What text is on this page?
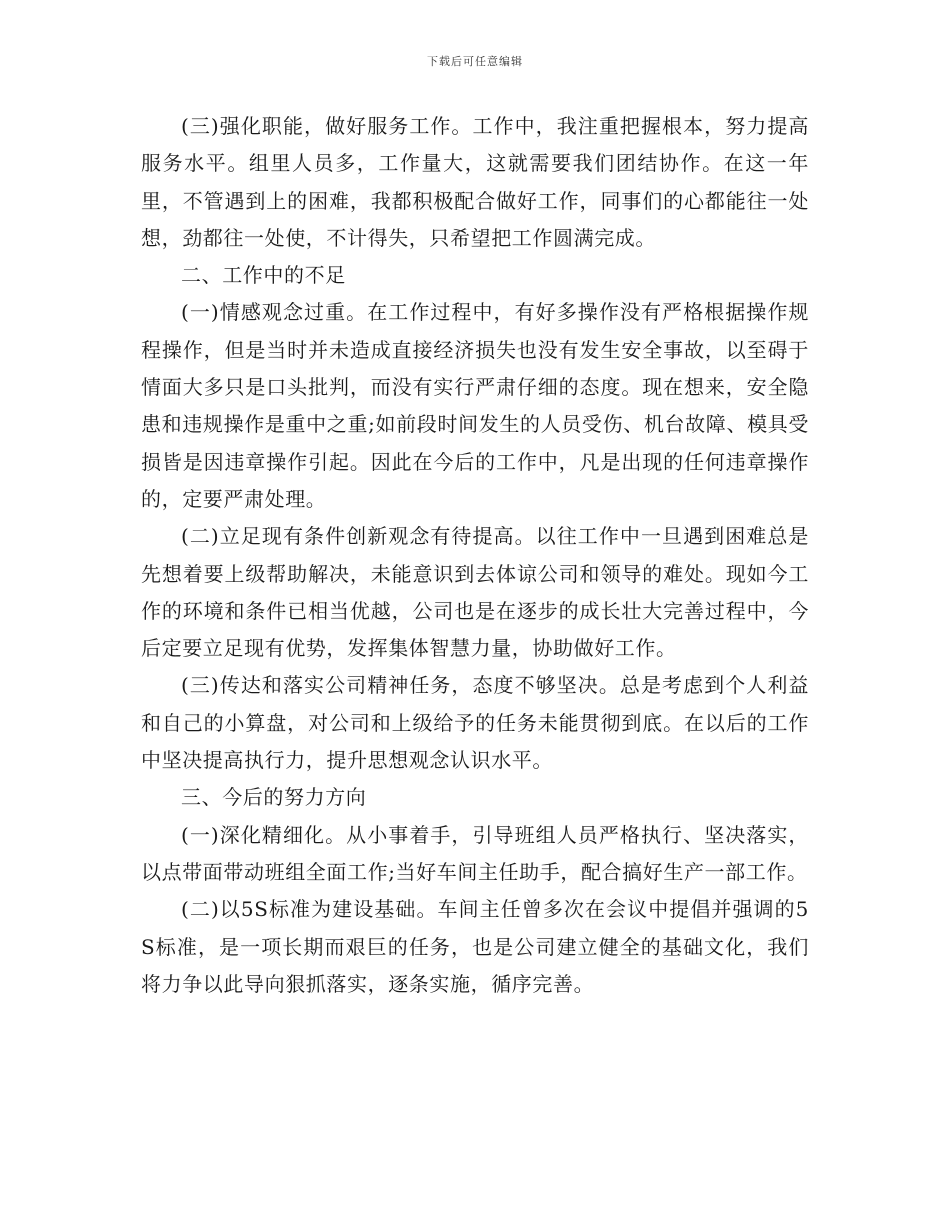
下载后可任意编辑

(三)强化职能，做好服务工作。工作中，我注重把握根本，努力提高服务水平。组里人员多，工作量大，这就需要我们团结协作。在这一年里，不管遇到上的困难，我都积极配合做好工作，同事们的心都能往一处想，劲都往一处使，不计得失，只希望把工作圆满完成。

二、工作中的不足

(一)情感观念过重。在工作过程中，有好多操作没有严格根据操作规程操作，但是当时并未造成直接经济损失也没有发生安全事故，以至碍于情面大多只是口头批判，而没有实行严肃仔细的态度。现在想来，安全隐患和违规操作是重中之重;如前段时间发生的人员受伤、机台故障、模具受损皆是因违章操作引起。因此在今后的工作中，凡是出现的任何违章操作的，定要严肃处理。

(二)立足现有条件创新观念有待提高。以往工作中一旦遇到困难总是先想着要上级帮助解决，未能意识到去体谅公司和领导的难处。现如今工作的环境和条件已相当优越，公司也是在逐步的成长壮大完善过程中，今后定要立足现有优势，发挥集体智慧力量，协助做好工作。

(三)传达和落实公司精神任务，态度不够坚决。总是考虑到个人利益和自己的小算盘，对公司和上级给予的任务未能贯彻到底。在以后的工作中坚决提高执行力，提升思想观念认识水平。

三、今后的努力方向

(一)深化精细化。从小事着手，引导班组人员严格执行、坚决落实，以点带面带动班组全面工作;当好车间主任助手，配合搞好生产一部工作。

(二)以5S标准为建设基础。车间主任曾多次在会议中提倡并强调的5S标准，是一项长期而艰巨的任务，也是公司建立健全的基础文化，我们将力争以此导向狠抓落实，逐条实施，循序完善。
